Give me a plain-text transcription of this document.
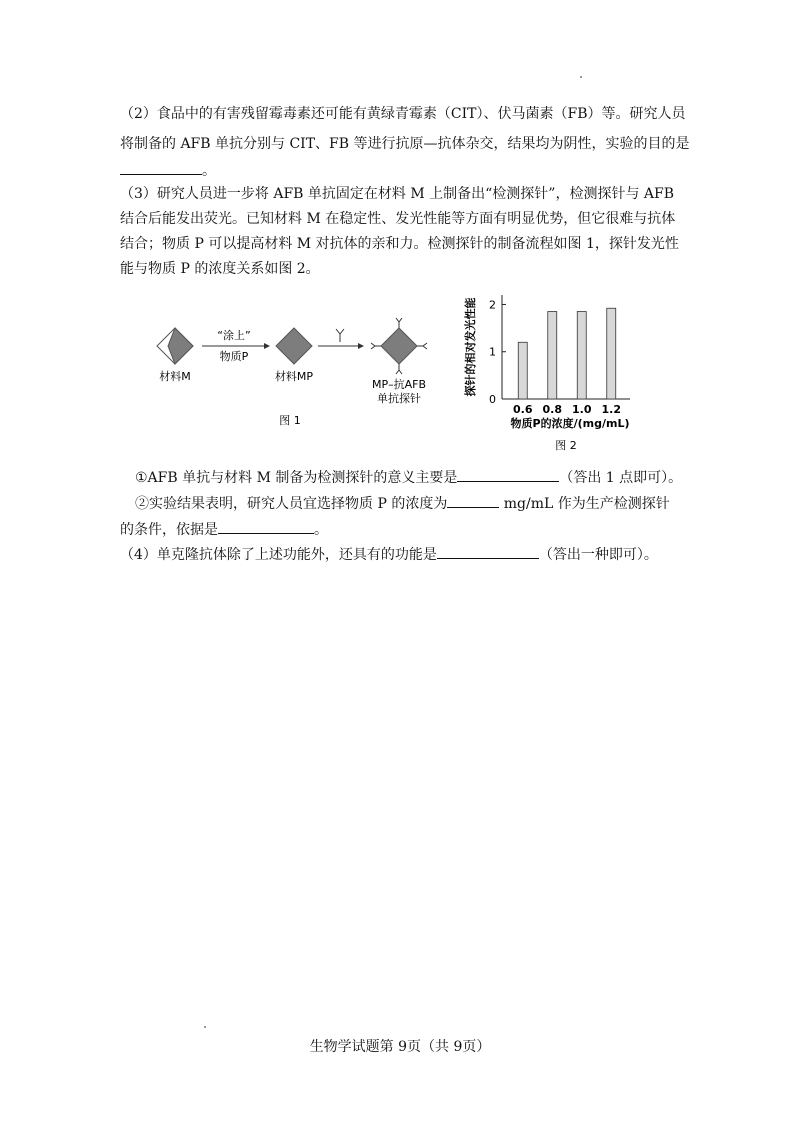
（2）食品中的有害残留霉毒素还可能有黄绿青霉素（CIT）、伏马菌素（FB）等。研究人员
将制备的 AFB 单抗分别与 CIT、FB 等进行抗原—抗体杂交，结果均为阴性，实验的目的是
。
（3）研究人员进一步将 AFB 单抗固定在材料 M 上制备出“检测探针”，检测探针与 AFB
结合后能发出荧光。已知材料 M 在稳定性、发光性能等方面有明显优势，但它很难与抗体
结合；物质 P 可以提高材料 M 对抗体的亲和力。检测探针的制备流程如图 1，探针发光性
能与物质 P 的浓度关系如图 2。
材料M
“涂上”
物质P
材料MP
MP–抗AFB
单抗探针
图 1
探针的相对发光性能
0
1
2
0.6 0.8 1.0 1.2
物质P的浓度/(mg/mL)
图 2
①AFB 单抗与材料 M 制备为检测探针的意义主要是	（答出 1 点即可）。
②实验结果表明，研究人员宜选择物质 P 的浓度为	mg/mL 作为生产检测探针
的条件，依据是	。
（4）单克隆抗体除了上述功能外，还具有的功能是	（答出一种即可）。
生物学试题第 9页（共 9页）
